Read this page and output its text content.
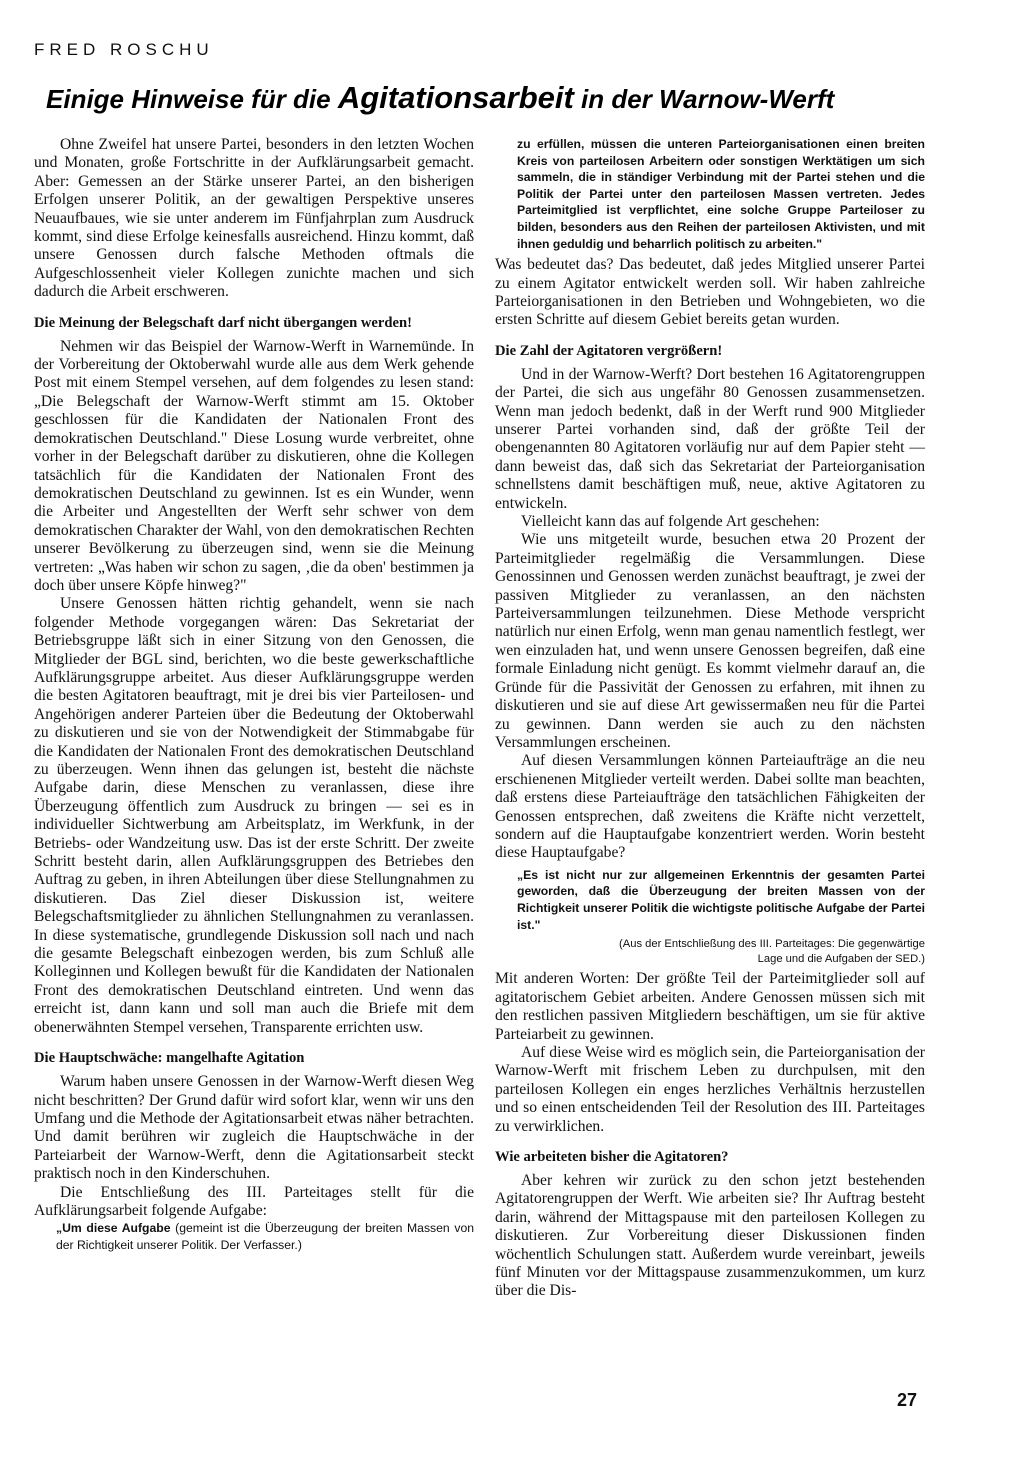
FRED ROSCHU
Einige Hinweise für die Agitationsarbeit in der Warnow-Werft

Ohne Zweifel hat unsere Partei, besonders in den letzten Wochen und Monaten, große Fortschritte in der Aufklärungsarbeit gemacht. Aber: Gemessen an der Stärke unserer Partei, an den bisherigen Erfolgen unserer Politik, an der gewaltigen Perspektive unseres Neuaufbaues, wie sie unter anderem im Fünfjahrplan zum Ausdruck kommt, sind diese Erfolge keinesfalls ausreichend. Hinzu kommt, daß unsere Genossen durch falsche Methoden oftmals die Aufgeschlossenheit vieler Kollegen zunichte machen und sich dadurch die Arbeit erschweren.

Die Meinung der Belegschaft darf nicht übergangen werden!

Nehmen wir das Beispiel der Warnow-Werft in Warnemünde. In der Vorbereitung der Oktoberwahl wurde alle aus dem Werk gehende Post mit einem Stempel versehen, auf dem folgendes zu lesen stand: „Die Belegschaft der Warnow-Werft stimmt am 15. Oktober geschlossen für die Kandidaten der Nationalen Front des demokratischen Deutschland." Diese Losung wurde verbreitet, ohne vorher in der Belegschaft darüber zu diskutieren, ohne die Kollegen tatsächlich für die Kandidaten der Nationalen Front des demokratischen Deutschland zu gewinnen. Ist es ein Wunder, wenn die Arbeiter und Angestellten der Werft sehr schwer von dem demokratischen Charakter der Wahl, von den demokratischen Rechten unserer Bevölkerung zu überzeugen sind, wenn sie die Meinung vertreten: „Was haben wir schon zu sagen, ‚die da oben' bestimmen ja doch über unsere Köpfe hinweg?"

Unsere Genossen hätten richtig gehandelt, wenn sie nach folgender Methode vorgegangen wären: Das Sekretariat der Betriebsgruppe läßt sich in einer Sitzung von den Genossen, die Mitglieder der BGL sind, berichten, wo die beste gewerkschaftliche Aufklärungsgruppe arbeitet. Aus dieser Aufklärungsgruppe werden die besten Agitatoren beauftragt, mit je drei bis vier Parteilosen- und Angehörigen anderer Parteien über die Bedeutung der Oktoberwahl zu diskutieren und sie von der Notwendigkeit der Stimmabgabe für die Kandidaten der Nationalen Front des demokratischen Deutschland zu überzeugen. Wenn ihnen das gelungen ist, besteht die nächste Aufgabe darin, diese Menschen zu veranlassen, diese ihre Überzeugung öffentlich zum Ausdruck zu bringen — sei es in individueller Sichtwerbung am Arbeitsplatz, im Werkfunk, in der Betriebs- oder Wandzeitung usw. Das ist der erste Schritt. Der zweite Schritt besteht darin, allen Aufklärungsgruppen des Betriebes den Auftrag zu geben, in ihren Abteilungen über diese Stellungnahmen zu diskutieren. Das Ziel dieser Diskussion ist, weitere Belegschaftsmitglieder zu ähnlichen Stellungnahmen zu veranlassen. In diese systematische, grundlegende Diskussion soll nach und nach die gesamte Belegschaft einbezogen werden, bis zum Schluß alle Kolleginnen und Kollegen bewußt für die Kandidaten der Nationalen Front des demokratischen Deutschland eintreten. Und wenn das erreicht ist, dann kann und soll man auch die Briefe mit dem obenerwähnten Stempel versehen, Transparente errichten usw.

Die Hauptschwäche: mangelhafte Agitation

Warum haben unsere Genossen in der Warnow-Werft diesen Weg nicht beschritten? Der Grund dafür wird sofort klar, wenn wir uns den Umfang und die Methode der Agitationsarbeit etwas näher betrachten. Und damit berühren wir zugleich die Hauptschwäche in der Parteiarbeit der Warnow-Werft, denn die Agitationsarbeit steckt praktisch noch in den Kinderschuhen.

Die Entschließung des III. Parteitages stellt für die Aufklärungsarbeit folgende Aufgabe:

„Um diese Aufgabe (gemeint ist die Überzeugung der breiten Massen von der Richtigkeit unserer Politik. Der Verfasser.)
zu erfüllen, müssen die unteren Parteiorganisationen einen breiten Kreis von parteilosen Arbeitern oder sonstigen Werktätigen um sich sammeln, die in ständiger Verbindung mit der Partei stehen und die Politik der Partei unter den parteilosen Massen vertreten. Jedes Parteimitglied ist verpflichtet, eine solche Gruppe Parteiloser zu bilden, besonders aus den Reihen der parteilosen Aktivisten, und mit ihnen geduldig und beharrlich politisch zu arbeiten."

Was bedeutet das? Das bedeutet, daß jedes Mitglied unserer Partei zu einem Agitator entwickelt werden soll. Wir haben zahlreiche Parteiorganisationen in den Betrieben und Wohngebieten, wo die ersten Schritte auf diesem Gebiet bereits getan wurden.

Die Zahl der Agitatoren vergrößern!

Und in der Warnow-Werft? Dort bestehen 16 Agitatorengruppen der Partei, die sich aus ungefähr 80 Genossen zusammensetzen. Wenn man jedoch bedenkt, daß in der Werft rund 900 Mitglieder unserer Partei vorhanden sind, daß der größte Teil der obengenannten 80 Agitatoren vorläufig nur auf dem Papier steht — dann beweist das, daß sich das Sekretariat der Parteiorganisation schnellstens damit beschäftigen muß, neue, aktive Agitatoren zu entwickeln.

Vielleicht kann das auf folgende Art geschehen:

Wie uns mitgeteilt wurde, besuchen etwa 20 Prozent der Parteimitglieder regelmäßig die Versammlungen. Diese Genossinnen und Genossen werden zunächst beauftragt, je zwei der passiven Mitglieder zu veranlassen, an den nächsten Parteiversammlungen teilzunehmen. Diese Methode verspricht natürlich nur einen Erfolg, wenn man genau namentlich festlegt, wer wen einzuladen hat, und wenn unsere Genossen begreifen, daß eine formale Einladung nicht genügt. Es kommt vielmehr darauf an, die Gründe für die Passivität der Genossen zu erfahren, mit ihnen zu diskutieren und sie auf diese Art gewissermaßen neu für die Partei zu gewinnen. Dann werden sie auch zu den nächsten Versammlungen erscheinen.

Auf diesen Versammlungen können Parteiaufträge an die neu erschienenen Mitglieder verteilt werden. Dabei sollte man beachten, daß erstens diese Parteiaufträge den tatsächlichen Fähigkeiten der Genossen entsprechen, daß zweitens die Kräfte nicht verzettelt, sondern auf die Hauptaufgabe konzentriert werden. Worin besteht diese Hauptaufgabe?

„Es ist nicht nur zur allgemeinen Erkenntnis der gesamten Partei geworden, daß die Überzeugung der breiten Massen von der Richtigkeit unserer Politik die wichtigste politische Aufgabe der Partei ist."
(Aus der Entschließung des III. Parteitages: Die gegenwärtige Lage und die Aufgaben der SED.)

Mit anderen Worten: Der größte Teil der Parteimitglieder soll auf agitatorischem Gebiet arbeiten. Andere Genossen müssen sich mit den restlichen passiven Mitgliedern beschäftigen, um sie für aktive Parteiarbeit zu gewinnen.

Auf diese Weise wird es möglich sein, die Parteiorganisation der Warnow-Werft mit frischem Leben zu durchpulsen, mit den parteilosen Kollegen ein enges herzliches Verhältnis herzustellen und so einen entscheidenden Teil der Resolution des III. Parteitages zu verwirklichen.

Wie arbeiteten bisher die Agitatoren?

Aber kehren wir zurück zu den schon jetzt bestehenden Agitatorengruppen der Werft. Wie arbeiten sie? Ihr Auftrag besteht darin, während der Mittagspause mit den parteilosen Kollegen zu diskutieren. Zur Vorbereitung dieser Diskussionen finden wöchentlich Schulungen statt. Außerdem wurde vereinbart, jeweils fünf Minuten vor der Mittagspause zusammenzukommen, um kurz über die Dis-

27
